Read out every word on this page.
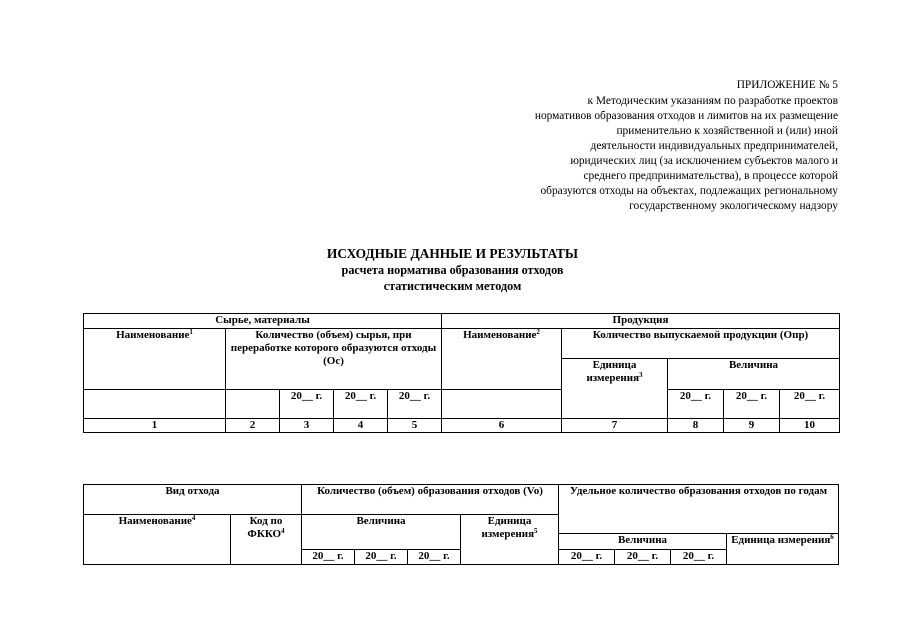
ПРИЛОЖЕНИЕ № 5
к Методическим указаниям по разработке проектов
нормативов образования отходов и лимитов на их размещение
применительно к хозяйственной и (или) иной
деятельности индивидуальных предпринимателей,
юридических лиц (за исключением субъектов малого и
среднего предпринимательства), в процессе которой
образуются отходы на объектах, подлежащих региональному
государственному экологическому надзору
ИСХОДНЫЕ ДАННЫЕ И РЕЗУЛЬТАТЫ
расчета норматива образования отходов
статистическим методом
Сырье, материалы					Продукция				
Наименование$^1$	Количество (объем) сырья, при переработке которого образуются отходы (Oc)				Наименование$^2$	Количество выпускаемой продукции (Oпр)			
						Единица измерения$^3$	Величина		
		20__ г.	20__ г.	20__ г.			20__ г.	20__ г.	20__ г.
1	2	3	4	5	6	7	8	9	10
Вид отхода		Количество (объем) образования отходов (Vo)				Удельное количество образования отходов по годам			
Наименование$^4$	Код по ФККО$^4$	Величина			Единица измерения$^5$
						Величина			Единица измерения$^6$
		20__ г.	20__ г.	20__ г.		20__ г.	20__ г.	20__ г.	
